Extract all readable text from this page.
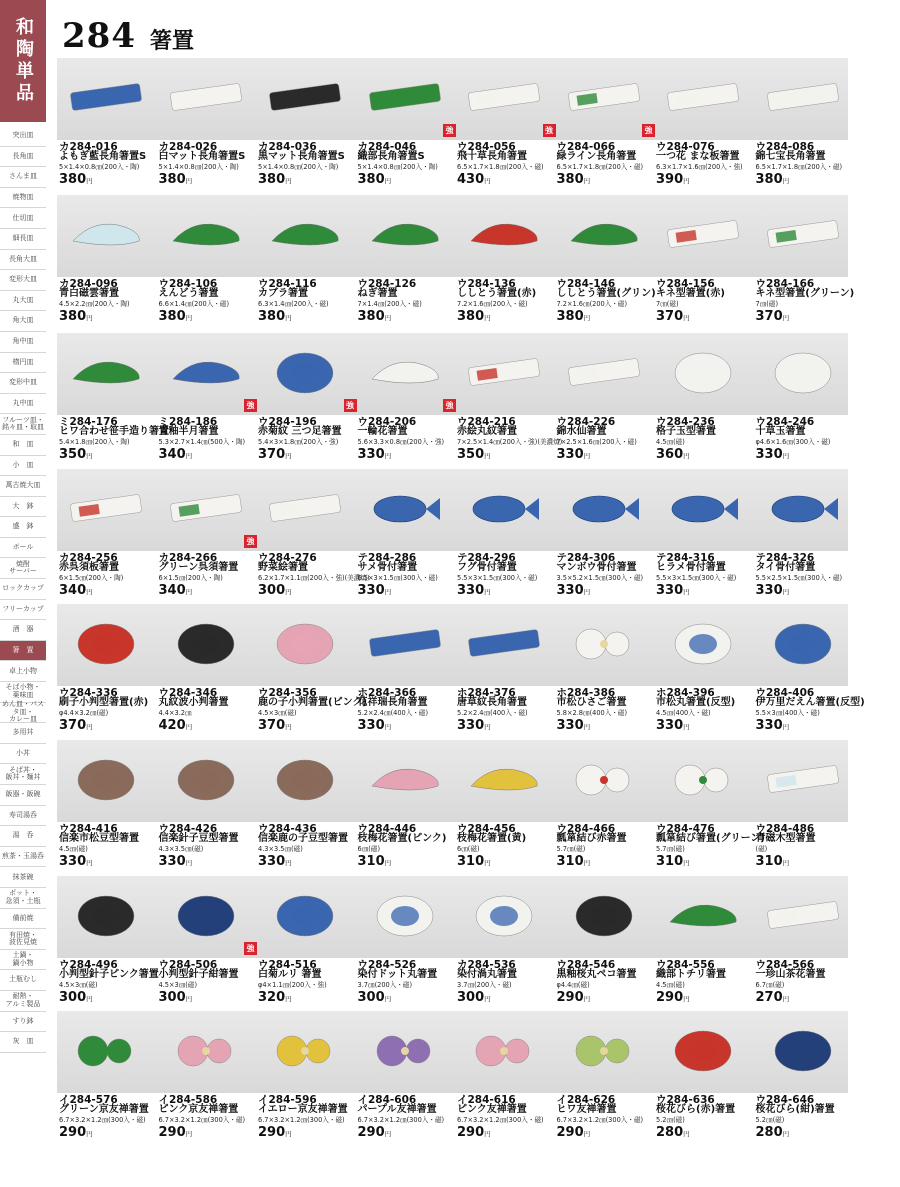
和陶単品
突出皿
長角皿
さんま皿
焼物皿
仕切皿
細長皿
長角大皿
変形大皿
丸大皿
角大皿
角中皿
楕円皿
変形中皿
丸中皿
フルーツ皿・
銘々皿・取皿
和　皿
小　皿
萬古焼大皿
大　鉢
盛　鉢
ボール
焼酎
サーバー
ロックカップ
フリーカップ
酒　器
箸　置
卓上小物
そば小物・
薬味皿
めん皿・パスタ皿・
カレー皿
多用丼
小丼
そば丼・
飯丼・麺丼
飯器・飯碗
寿司湯呑
湯　呑
煎茶・玉湯呑
抹茶碗
ポット・
急須・土瓶
備前焼
有田焼・
波佐見焼
土鍋・
鍋小物
土瓶むし
耐熱・
アルミ製品
すり鉢
灰　皿
284 箸置
カ284-016
よもぎ藍長角箸置S
5×1.4×0.8㎝(200入・陶)
380円
カ284-026
白マット長角箸置S
5×1.4×0.8㎝(200入・陶)
380円
カ284-036
黒マット長角箸置S
5×1.4×0.8㎝(200入・陶)
380円
カ284-046
織部長角箸置S
5×1.4×0.8㎝(200入・陶)
380円
強
ウ284-056
飛十草長角箸置
6.5×1.7×1.8㎝(200入・磁)
430円
強
ウ284-066
緑ライン長角箸置
6.5×1.7×1.8㎝(200入・磁)
380円
強
ウ284-076
一つ花 まな板箸置
6.3×1.7×1.6㎝(200入・強)
390円
ウ284-086
錦七宝長角箸置
6.5×1.7×1.8㎝(200入・磁)
380円
カ284-096
青白磁雲箸置
4.5×2.2㎝(200入・陶)
380円
ウ284-106
えんどう箸置
6.6×1.4㎝(200入・磁)
380円
ウ284-116
カブラ箸置
6.3×1.4㎝(200入・磁)
380円
ウ284-126
ねぎ箸置
7×1.4㎝(200入・磁)
380円
ウ284-136
ししとう箸置(赤)
7.2×1.6㎝(200入・磁)
380円
ウ284-146
ししとう箸置(グリン)
7.2×1.6㎝(200入・磁)
380円
ウ284-156
キネ型箸置(赤)
7㎝(磁)
370円
ウ284-166
キネ型箸置(グリーン)
7㎝(磁)
370円
ミ284-176
ヒワ合わせ笹手造り箸置
5.4×1.8㎝(200入・陶)
350円
ミ284-186
青釉半月箸置
5.3×2.7×1.4㎝(500入・陶)
340円
強
ウ284-196
赤菊紋 三つ足箸置
5.4×3×1.8㎝(200入・強)
370円
強
ウ284-206
一輪花箸置
5.6×3.3×0.8㎝(200入・強)
330円
強
ウ284-216
赤絵丸紋箸置
7×2.5×1.4㎝(200入・強)(美濃焼)
350円
ウ284-226
錦水仙箸置
7×2.5×1.6㎝(200入・磁)
330円
ウ284-236
格子玉型箸置
4.5㎝(磁)
360円
ウ284-246
十草玉箸置
φ4.6×1.6㎝(300入・磁)
330円
カ284-256
赤呉須板箸置
6×1.5㎝(200入・陶)
340円
カ284-266
グリーン呉須箸置
6×1.5㎝(200入・陶)
340円
強
ウ284-276
野菜絵箸置
6.2×1.7×1.1㎝(200入・強)(美濃焼)
300円
テ284-286
サメ骨付箸置
6.5×3×1.5㎝(300入・磁)
330円
テ284-296
フグ骨付箸置
5.5×3×1.5㎝(300入・磁)
330円
テ284-306
マンボウ骨付箸置
3.5×5.2×1.5㎝(300入・磁)
330円
テ284-316
ヒラメ骨付箸置
5.5×3×1.5㎝(300入・磁)
330円
テ284-326
タイ骨付箸置
5.5×2.5×1.5㎝(300入・磁)
330円
ウ284-336
刷子小判型箸置(赤)
φ4.4×3.2㎝(磁)
370円
ウ284-346
丸紋波小判箸置
4.4×3.2㎝
420円
ウ284-356
鹿の子小判箸置(ピンク)
4.5×3㎝(磁)
370円
ホ284-366
花祥瑞長角箸置
5.2×2.4㎝(400入・磁)
330円
ホ284-376
唐草紋長角箸置
5.2×2.4㎝(400入・磁)
330円
ホ284-386
市松ひさご箸置
5.8×2.8㎝(400入・磁)
330円
ホ284-396
市松丸箸置(反型)
4.5㎝(400入・磁)
330円
ウ284-406
伊万里だえん箸置(反型)
5.5×3㎝(400入・磁)
330円
ウ284-416
信楽市松豆型箸置
4.5㎝(磁)
330円
ウ284-426
信楽針子豆型箸置
4.3×3.5㎝(磁)
330円
ウ284-436
信楽鹿の子豆型箸置
4.3×3.5㎝(磁)
330円
ウ284-446
枝梅花箸置(ピンク)
6㎝(磁)
310円
ウ284-456
枝梅花箸置(黄)
6㎝(磁)
310円
ウ284-466
瓢箪結び赤箸置
5.7㎝(磁)
310円
ウ284-476
瓢箪結び箸置(グリーン)
5.7㎝(磁)
310円
ウ284-486
青磁木型箸置
(磁)
310円
ウ284-496
小判型針子ピンク箸置
4.5×3㎝(磁)
300円
ウ284-506
小判型針子紺箸置
4.5×3㎝(磁)
300円
強
ウ284-516
白菊ルリ 箸置
φ4×1.1㎝(200入・強)
320円
ウ284-526
染付ドット丸箸置
3.7㎝(200入・磁)
300円
カ284-536
染付渦丸箸置
3.7㎝(200入・磁)
300円
ウ284-546
黒釉桜丸ペコ箸置
φ4.4㎝(磁)
290円
ウ284-556
織部トチリ箸置
4.5㎝(磁)
290円
ウ284-566
一珍山茶花箸置
6.7㎝(磁)
270円
イ284-576
グリーン京友禅箸置
6.7×3.2×1.2㎝(300入・磁)
290円
イ284-586
ピンク京友禅箸置
6.7×3.2×1.2㎝(300入・磁)
290円
イ284-596
イエロー京友禅箸置
6.7×3.2×1.2㎝(300入・磁)
290円
イ284-606
パープル友禅箸置
6.7×3.2×1.2㎝(300入・磁)
290円
イ284-616
ピンク友禅箸置
6.7×3.2×1.2㎝(300入・磁)
290円
イ284-626
ヒワ友禅箸置
6.7×3.2×1.2㎝(300入・磁)
290円
ウ284-636
桜花びら(赤)箸置
5.2㎝(磁)
280円
ウ284-646
桜花びら(紺)箸置
5.2㎝(磁)
280円
